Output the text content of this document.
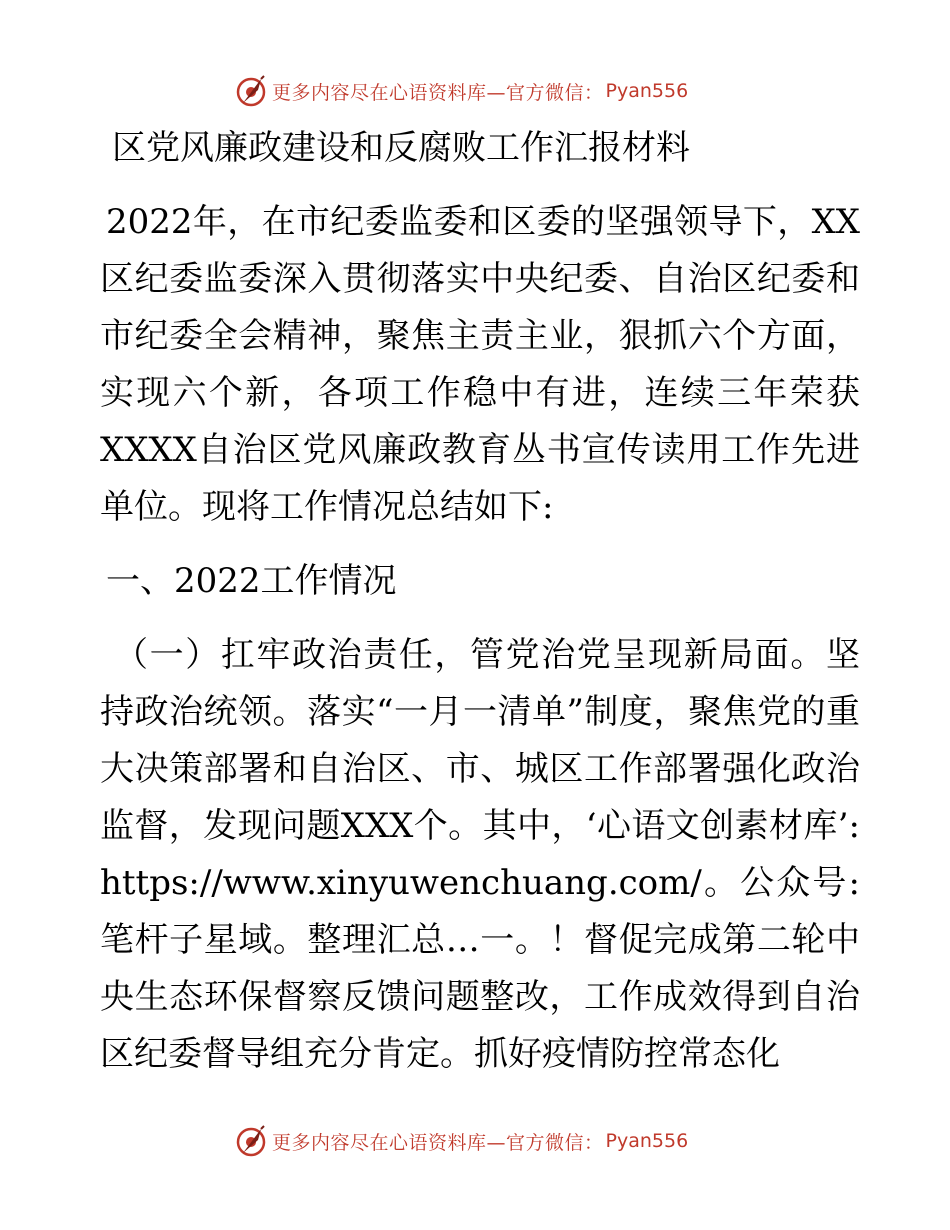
更多内容尽在心语资料库—官方微信： Pyan556
区党风廉政建设和反腐败工作汇报材料
2022年，在市纪委监委和区委的坚强领导下，XX区纪委监委深入贯彻落实中央纪委、自治区纪委和市纪委全会精神，聚焦主责主业，狠抓六个方面，实现六个新，各项工作稳中有进，连续三年荣获XXXX自治区党风廉政教育丛书宣传读用工作先进单位。现将工作情况总结如下:
一、2022工作情况
（一）扛牢政治责任，管党治党呈现新局面。坚持政治统领。落实“一月一清单”制度，聚焦党的重大决策部署和自治区、市、城区工作部署强化政治监督，发现问题XXX个。其中，‘心语文创素材库’: https://www.xinyuwenchuang.com/。公众号: 笔杆子星域。整理汇总…一。！督促完成第二轮中央生态环保督察反馈问题整改，工作成效得到自治区纪委督导组充分肯定。抓好疫情防控常态化
更多内容尽在心语资料库—官方微信： Pyan556
